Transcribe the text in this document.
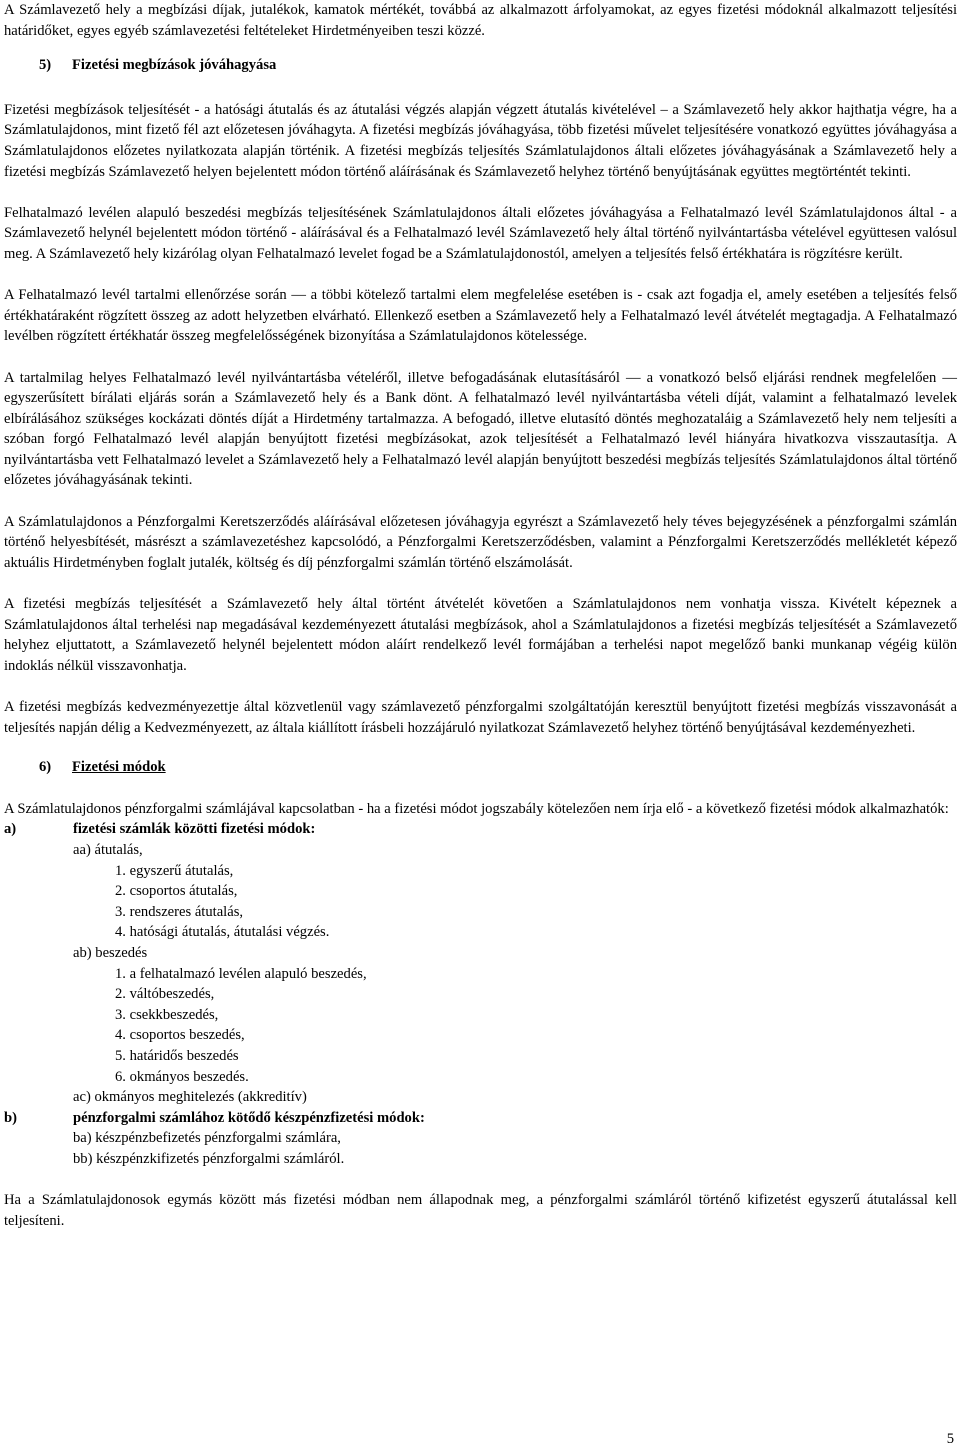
A Számlavezető hely a megbízási díjak, jutalékok, kamatok mértékét, továbbá az alkalmazott árfolyamokat, az egyes fizetési módoknál alkalmazott teljesítési határidőket, egyes egyéb számlavezetési feltételeket Hirdetményeiben teszi közzé.

5) Fizetési megbízások jóváhagyása

Fizetési megbízások teljesítését - a hatósági átutalás és az átutalási végzés alapján végzett átutalás kivételével – a Számlavezető hely akkor hajthatja végre, ha a Számlatulajdonos, mint fizető fél azt előzetesen jóváhagyta. A fizetési megbízás jóváhagyása, több fizetési művelet teljesítésére vonatkozó együttes jóváhagyása a Számlatulajdonos előzetes nyilatkozata alapján történik. A fizetési megbízás teljesítés Számlatulajdonos általi előzetes jóváhagyásának a Számlavezető hely a fizetési megbízás Számlavezető helyen bejelentett módon történő aláírásának és Számlavezető helyhez történő benyújtásának együttes megtörténtét tekinti.

Felhatalmazó levélen alapuló beszedési megbízás teljesítésének Számlatulajdonos általi előzetes jóváhagyása a Felhatalmazó levél Számlatulajdonos által - a Számlavezető helynél bejelentett módon történő - aláírásával és a Felhatalmazó levél Számlavezető hely által történő nyilvántartásba vételével együttesen valósul meg. A Számlavezető hely kizárólag olyan Felhatalmazó levelet fogad be a Számlatulajdonostól, amelyen a teljesítés felső értékhatára is rögzítésre került.

A Felhatalmazó levél tartalmi ellenőrzése során — a többi kötelező tartalmi elem megfelelése esetében is - csak azt fogadja el, amely esetében a teljesítés felső értékhatáraként rögzített összeg az adott helyzetben elvárható. Ellenkező esetben a Számlavezető hely a Felhatalmazó levél átvételét megtagadja. A Felhatalmazó levélben rögzített értékhatár összeg megfelelősségének bizonyítása a Számlatulajdonos kötelessége.

A tartalmilag helyes Felhatalmazó levél nyilvántartásba vételéről, illetve befogadásának elutasításáról — a vonatkozó belső eljárási rendnek megfelelően — egyszerűsített bírálati eljárás során a Számlavezető hely és a Bank dönt. A felhatalmazó levél nyilvántartásba vételi díját, valamint a felhatalmazó levelek elbírálásához szükséges kockázati döntés díját a Hirdetmény tartalmazza. A befogadó, illetve elutasító döntés meghozataláig a Számlavezető hely nem teljesíti a szóban forgó Felhatalmazó levél alapján benyújtott fizetési megbízásokat, azok teljesítését a Felhatalmazó levél hiányára hivatkozva visszautasítja. A nyilvántartásba vett Felhatalmazó levelet a Számlavezető hely a Felhatalmazó levél alapján benyújtott beszedési megbízás teljesítés Számlatulajdonos által történő előzetes jóváhagyásának tekinti.

A Számlatulajdonos a Pénzforgalmi Keretszerződés aláírásával előzetesen jóváhagyja egyrészt a Számlavezető hely téves bejegyzésének a pénzforgalmi számlán történő helyesbítését, másrészt a számlavezetéshez kapcsolódó, a Pénzforgalmi Keretszerződésben, valamint a Pénzforgalmi Keretszerződés mellékletét képező aktuális Hirdetményben foglalt jutalék, költség és díj pénzforgalmi számlán történő elszámolását.

A fizetési megbízás teljesítését a Számlavezető hely által történt átvételét követően a Számlatulajdonos nem vonhatja vissza. Kivételt képeznek a Számlatulajdonos által terhelési nap megadásával kezdeményezett átutalási megbízások, ahol a Számlatulajdonos a fizetési megbízás teljesítését a Számlavezető helyhez eljuttatott, a Számlavezető helynél bejelentett módon aláírt rendelkező levél formájában a terhelési napot megelőző banki munkanap végéig külön indoklás nélkül visszavonhatja.

A fizetési megbízás kedvezményezettje által közvetlenül vagy számlavezető pénzforgalmi szolgáltatóján keresztül benyújtott fizetési megbízás visszavonását a teljesítés napján délig a Kedvezményezett, az általa kiállított írásbeli hozzájáruló nyilatkozat Számlavezető helyhez történő benyújtásával kezdeményezheti.

6) Fizetési módok

A Számlatulajdonos pénzforgalmi számlájával kapcsolatban - ha a fizetési módot jogszabály kötelezően nem írja elő - a következő fizetési módok alkalmazhatók:

a)	fizetési számlák közötti fizetési módok:
aa) átutalás,
1. egyszerű átutalás,
2. csoportos átutalás,
3. rendszeres átutalás,
4. hatósági átutalás, átutalási végzés.
ab) beszedés
1. a felhatalmazó levélen alapuló beszedés,
2. váltóbeszedés,
3. csekkbeszedés,
4. csoportos beszedés,
5. határidős beszedés
6. okmányos beszedés.
ac) okmányos meghitelezés (akkreditív)
b)	pénzforgalmi számlához kötődő készpénzfizetési módok:
ba) készpénzbefizetés pénzforgalmi számlára,
bb) készpénzkifizetés pénzforgalmi számláról.

Ha a Számlatulajdonosok egymás között más fizetési módban nem állapodnak meg, a pénzforgalmi számláról történő kifizetést egyszerű átutalással kell teljesíteni.

5
